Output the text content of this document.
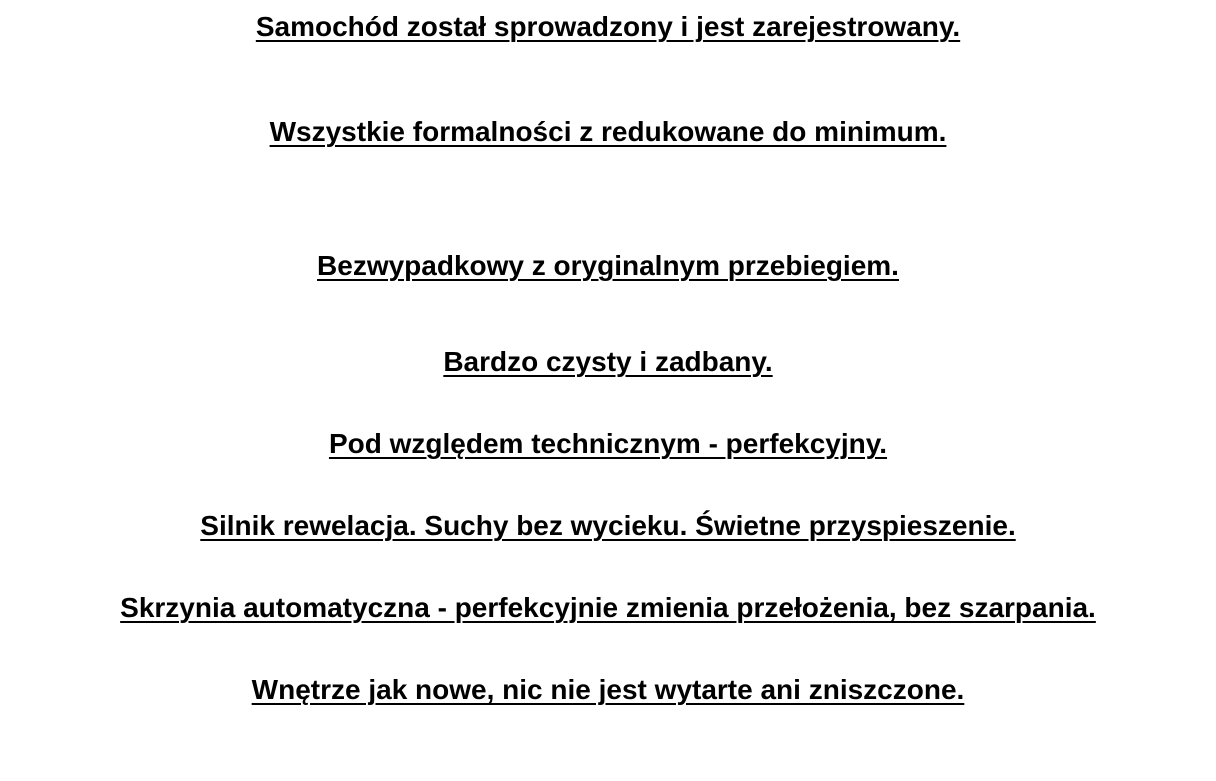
Samochód został sprowadzony i jest zarejestrowany.
Wszystkie formalności z redukowane do minimum.
Bezwypadkowy z oryginalnym przebiegiem.
Bardzo czysty i zadbany.
Pod względem technicznym - perfekcyjny.
Silnik rewelacja. Suchy bez wycieku. Świetne przyspieszenie.
Skrzynia automatyczna - perfekcyjnie zmienia przełożenia, bez szarpania.
Wnętrze jak nowe, nic nie jest wytarte ani zniszczone.
